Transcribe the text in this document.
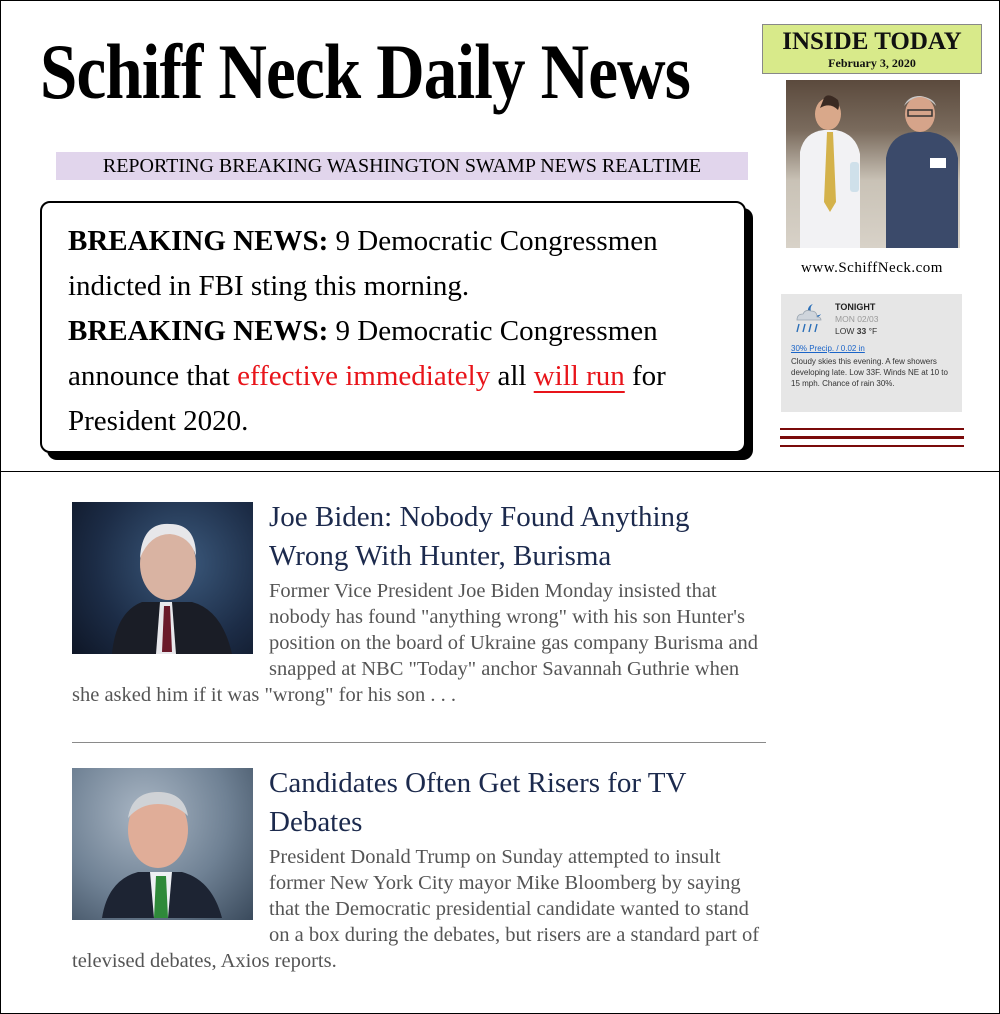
Schiff Neck Daily News
REPORTING BREAKING WASHINGTON SWAMP NEWS REALTIME

BREAKING NEWS: 9 Democratic Congressmen indicted in FBI sting this morning.

BREAKING NEWS: 9 Democratic Congressmen announce that effective immediately all will run for President 2020.

INSIDE TODAY
February 3, 2020
www.SchiffNeck.com
TONIGHT
MON 02/03
LOW 33 °F
30% Precip. / 0.02 in
Cloudy skies this evening. A few showers developing late. Low 33F. Winds NE at 10 to 15 mph. Chance of rain 30%.
Joe Biden: Nobody Found Anything Wrong With Hunter, Burisma

Former Vice President Joe Biden Monday insisted that nobody has found "anything wrong" with his son Hunter's position on the board of Ukraine gas company Burisma and snapped at NBC "Today" anchor Savannah Guthrie when she asked him if it was "wrong" for his son . . .

Candidates Often Get Risers for TV Debates

President Donald Trump on Sunday attempted to insult former New York City mayor Mike Bloomberg by saying that the Democratic presidential candidate wanted to stand on a box during the debates, but risers are a standard part of televised debates, Axios reports.
